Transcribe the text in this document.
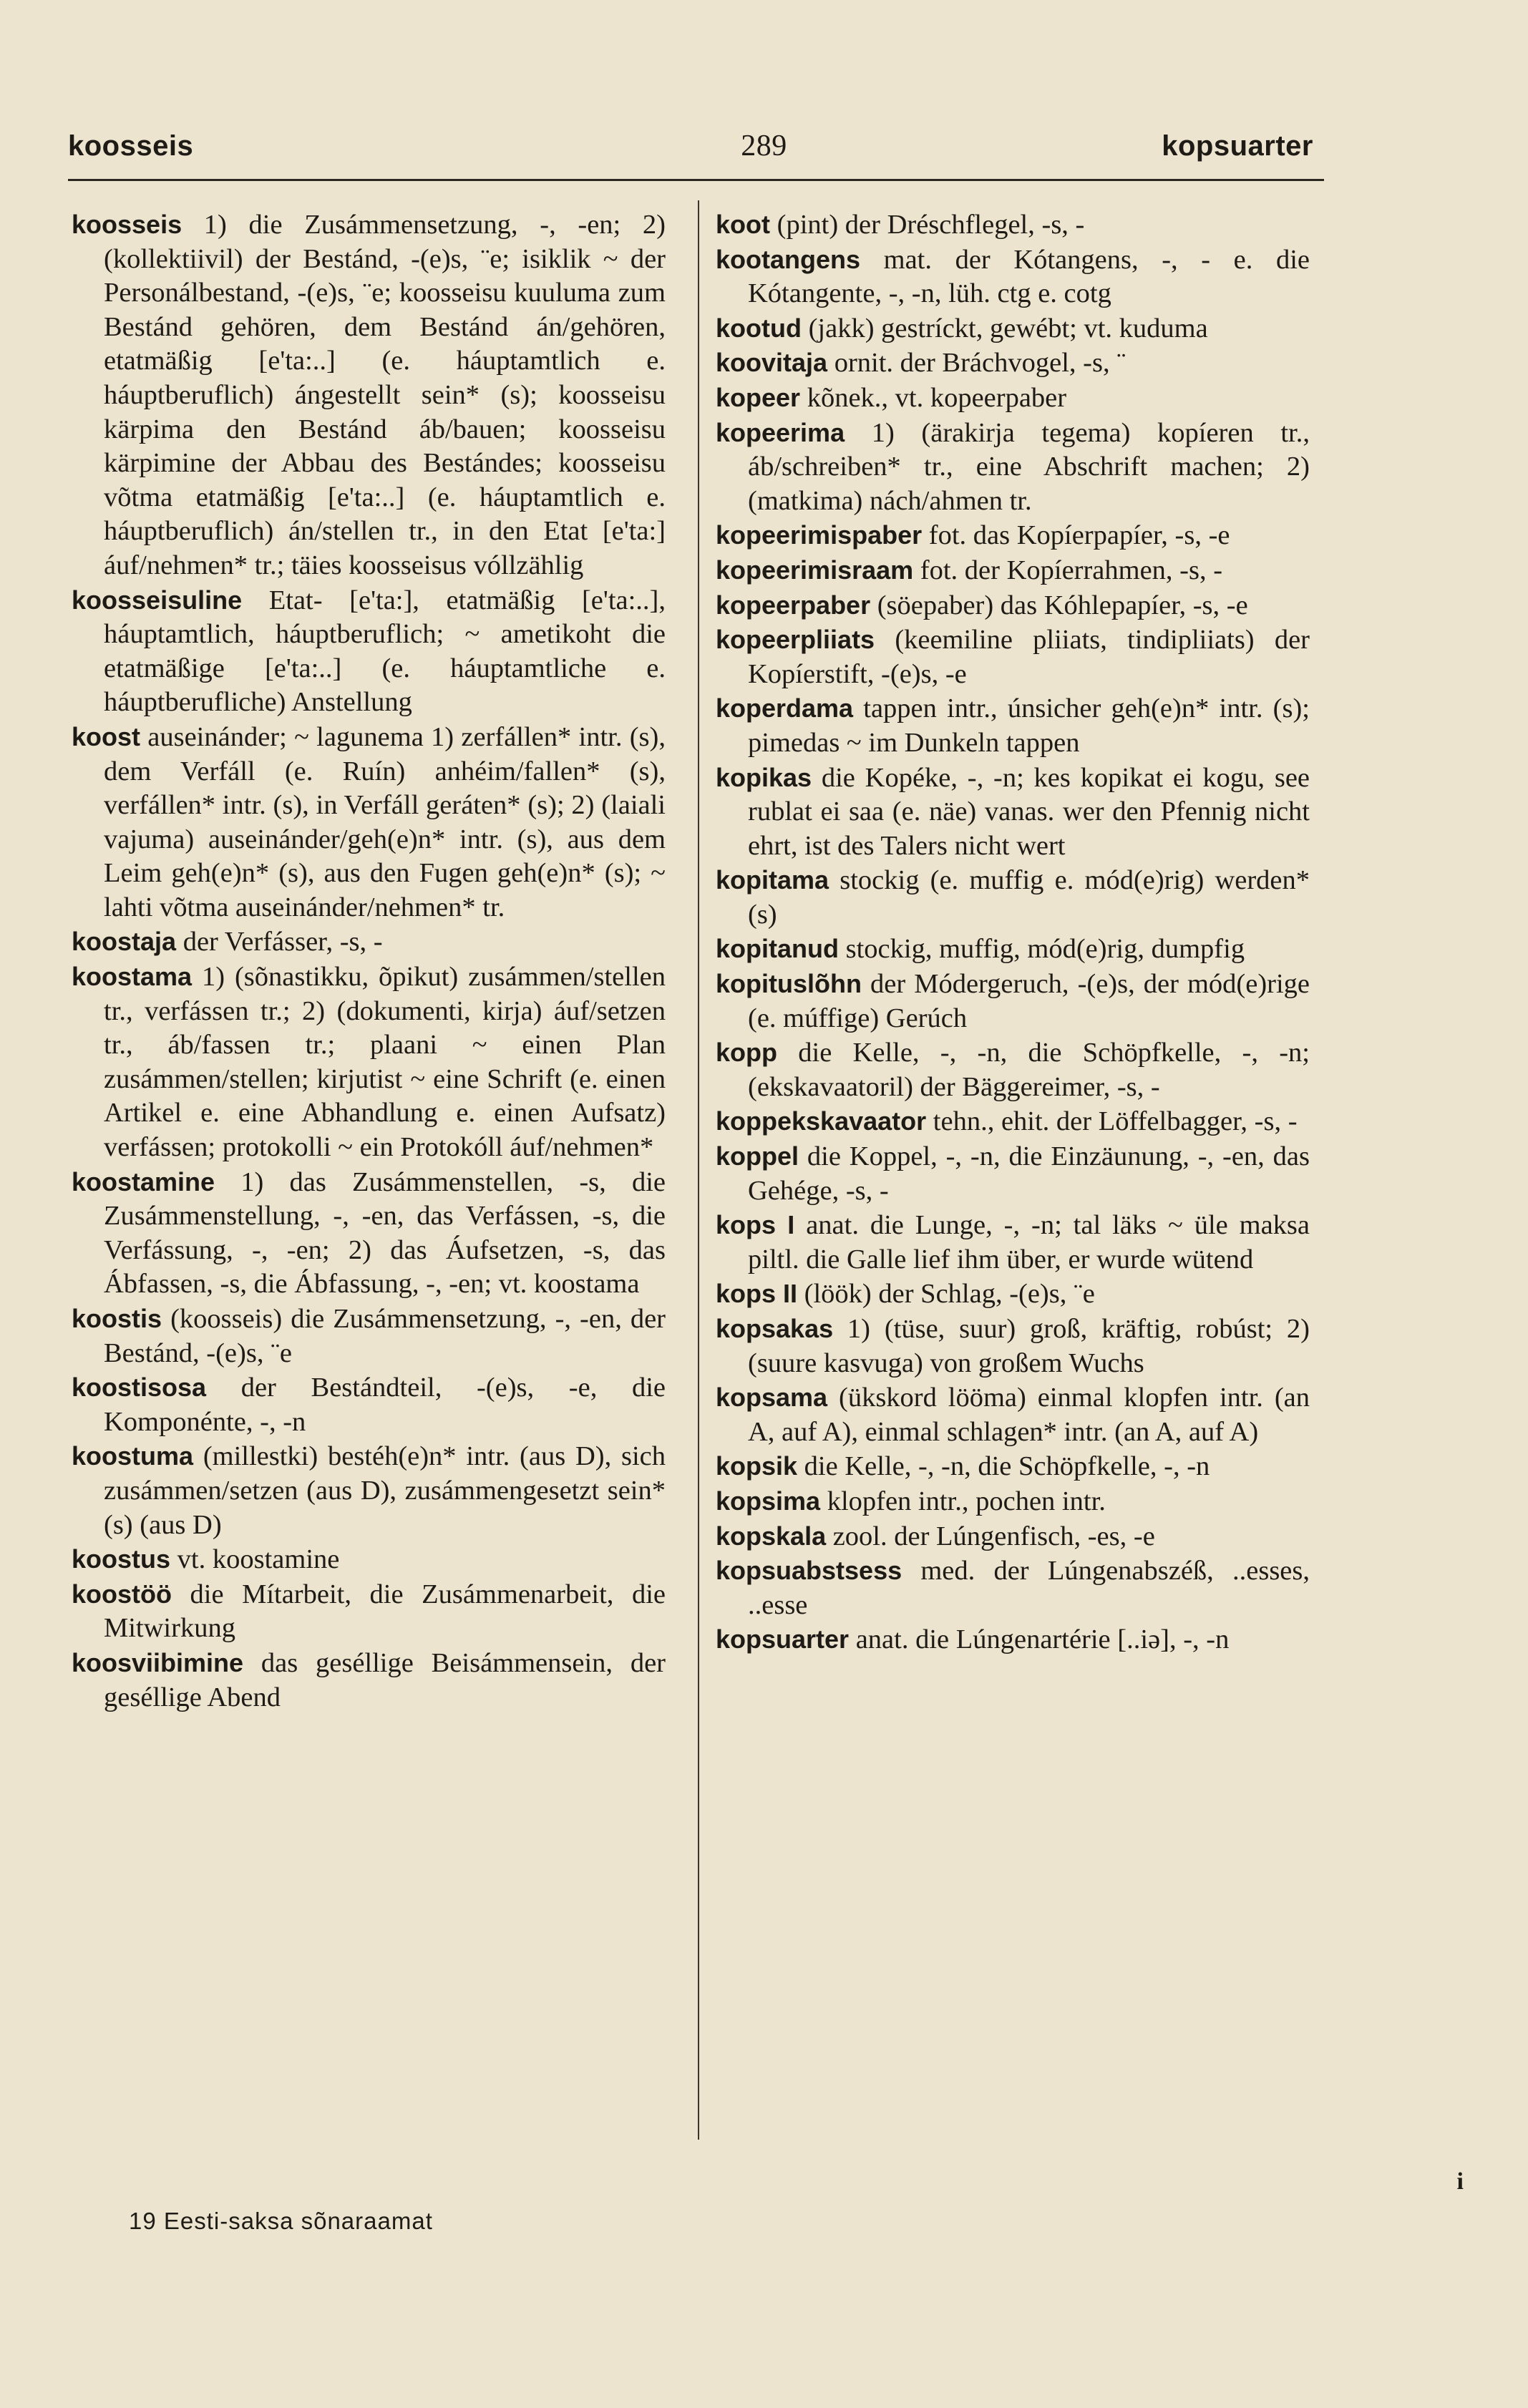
koosseis	289	kopsuarter

koosseis 1) die Zusámmensetzung, -, -en; 2) (kollektiivil) der Bestánd, -(e)s, ¨e; isiklik ~ der Personálbestand, -(e)s, ¨e; koosseisu kuuluma zum Bestánd gehören, dem Bestánd án/gehören, etatmäßig [e'ta:..] (e. háuptamtlich e. háuptberuflich) ángestellt sein* (s); koosseisu kärpima den Bestánd áb/bauen; koosseisu kärpimine der Abbau des Bestándes; koosseisu võtma etatmäßig [e'ta:..] (e. háuptamtlich e. háuptberuflich) án/stellen tr., in den Etat [e'ta:] áuf/nehmen* tr.; täies koosseisus vóllzählig

koosseisuline Etat- [e'ta:], etatmäßig [e'ta:..], háuptamtlich, háuptberuflich; ~ ametikoht die etatmäßige [e'ta:..] (e. háuptamtliche e. háuptberufliche) Anstellung

koost auseinánder; ~ lagunema 1) zerfállen* intr. (s), dem Verfáll (e. Ruín) anhéim/fallen* (s), verfállen* intr. (s), in Verfáll geráten* (s); 2) (laiali vajuma) auseinánder/geh(e)n* intr. (s), aus dem Leim geh(e)n* (s), aus den Fugen geh(e)n* (s); ~ lahti võtma auseinánder/nehmen* tr.

koostaja der Verfásser, -s, -

koostama 1) (sõnastikku, õpikut) zusámmen/stellen tr., verfássen tr.; 2) (dokumenti, kirja) áuf/setzen tr., áb/fassen tr.; plaani ~ einen Plan zusámmen/stellen; kirjutist ~ eine Schrift (e. einen Artikel e. eine Abhandlung e. einen Aufsatz) verfássen; protokolli ~ ein Protokóll áuf/nehmen*

koostamine 1) das Zusámmenstellen, -s, die Zusámmenstellung, -, -en, das Verfássen, -s, die Verfássung, -, -en; 2) das Áufsetzen, -s, das Ábfassen, -s, die Ábfassung, -, -en; vt. koostama

koostis (koosseis) die Zusámmensetzung, -, -en, der Bestánd, -(e)s, ¨e

koostisosa der Bestándteil, -(e)s, -e, die Komponénte, -, -n

koostuma (millestki) bestéh(e)n* intr. (aus D), sich zusámmen/setzen (aus D), zusámmengesetzt sein* (s) (aus D)

koostus vt. koostamine

koostöö die Mítarbeit, die Zusámmenarbeit, die Mitwirkung

koosviibimine das geséllige Beisámmensein, der geséllige Abend

koot (pint) der Dréschflegel, -s, -

kootangens mat. der Kótangens, -, - e. die Kótangente, -, -n, lüh. ctg e. cotg

kootud (jakk) gestríckt, gewébt; vt. kuduma

koovitaja ornit. der Bráchvogel, -s, ¨

kopeer kõnek., vt. kopeerpaber

kopeerima 1) (ärakirja tegema) kopíeren tr., áb/schreiben* tr., eine Abschrift machen; 2) (matkima) nách/ahmen tr.

kopeerimispaber fot. das Kopíerpapíer, -s, -e

kopeerimisraam fot. der Kopíerrahmen, -s, -

kopeerpaber (söepaber) das Kóhlepapíer, -s, -e

kopeerpliiats (keemiline pliiats, tindipliiats) der Kopíerstift, -(e)s, -e

koperdama tappen intr., únsicher geh(e)n* intr. (s); pimedas ~ im Dunkeln tappen

kopikas die Kopéke, -, -n; kes kopikat ei kogu, see rublat ei saa (e. näe) vanas. wer den Pfennig nicht ehrt, ist des Talers nicht wert

kopitama stockig (e. muffig e. mód(e)rig) werden* (s)

kopitanud stockig, muffig, mód(e)rig, dumpfig

kopituslõhn der Módergeruch, -(e)s, der mód(e)rige (e. múffige) Gerúch

kopp die Kelle, -, -n, die Schöpfkelle, -, -n; (ekskavaatoril) der Bäggereimer, -s, -

koppekskavaator tehn., ehit. der Löffelbagger, -s, -

koppel die Koppel, -, -n, die Einzäunung, -, -en, das Gehége, -s, -

kops I anat. die Lunge, -, -n; tal läks ~ üle maksa piltl. die Galle lief ihm über, er wurde wütend

kops II (löök) der Schlag, -(e)s, ¨e

kopsakas 1) (tüse, suur) groß, kräftig, robúst; 2) (suure kasvuga) von großem Wuchs

kopsama (ükskord lööma) einmal klopfen intr. (an A, auf A), einmal schlagen* intr. (an A, auf A)

kopsik die Kelle, -, -n, die Schöpfkelle, -, -n

kopsima klopfen intr., pochen intr.

kopskala zool. der Lúngenfisch, -es, -e

kopsuabstsess med. der Lúngenabszéß, ..esses, ..esse

kopsuarter anat. die Lúngenartérie [..iə], -, -n

19 Eesti-saksa sõnaraamat
i
